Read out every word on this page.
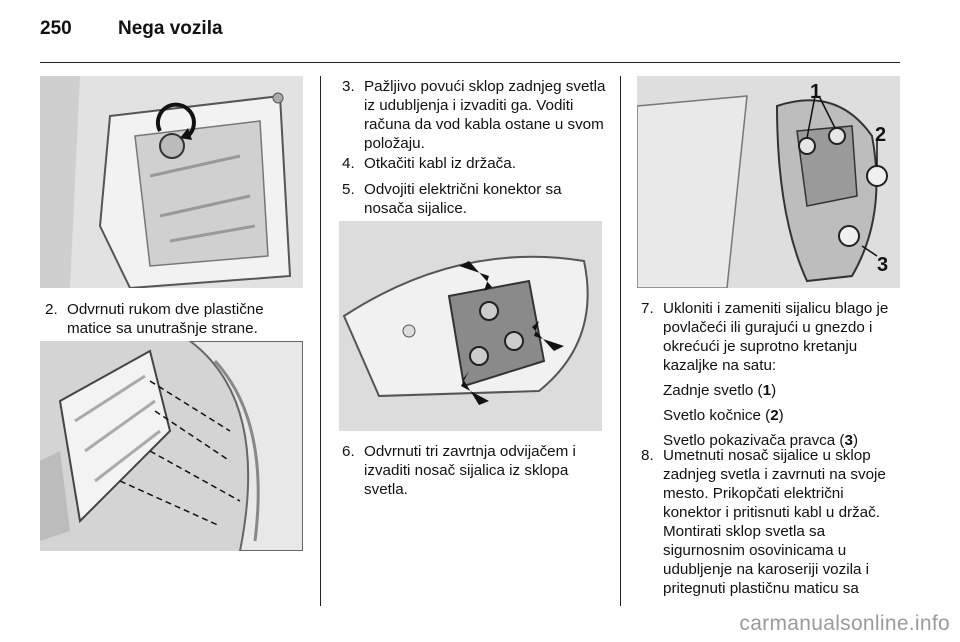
250	Nega vozila
2. Odvrnuti rukom dve plastične matice sa unutrašnje strane.
3. Pažljivo povući sklop zadnjeg svetla iz udubljenja i izvaditi ga. Voditi računa da vod kabla ostane u svom položaju.
4. Otkačiti kabl iz držača.
5. Odvojiti električni konektor sa nosača sijalice.
6. Odvrnuti tri zavrtnja odvijačem i izvaditi nosač sijalica iz sklopa svetla.
1
2
3
7. Ukloniti i zameniti sijalicu blago je povlačeći ili gurajući u gnezdo i okrećući je suprotno kretanju kazaljke na satu:
Zadnje svetlo (1)
Svetlo kočnice (2)
Svetlo pokazivača pravca (3)
8. Umetnuti nosač sijalice u sklop zadnjeg svetla i zavrnuti na svoje mesto. Prikopčati električni konektor i pritisnuti kabl u držač. Montirati sklop svetla sa sigurnosnim osovinicama u udubljenje na karoseriji vozila i pritegnuti plastičnu maticu sa
carmanualsonline.info
